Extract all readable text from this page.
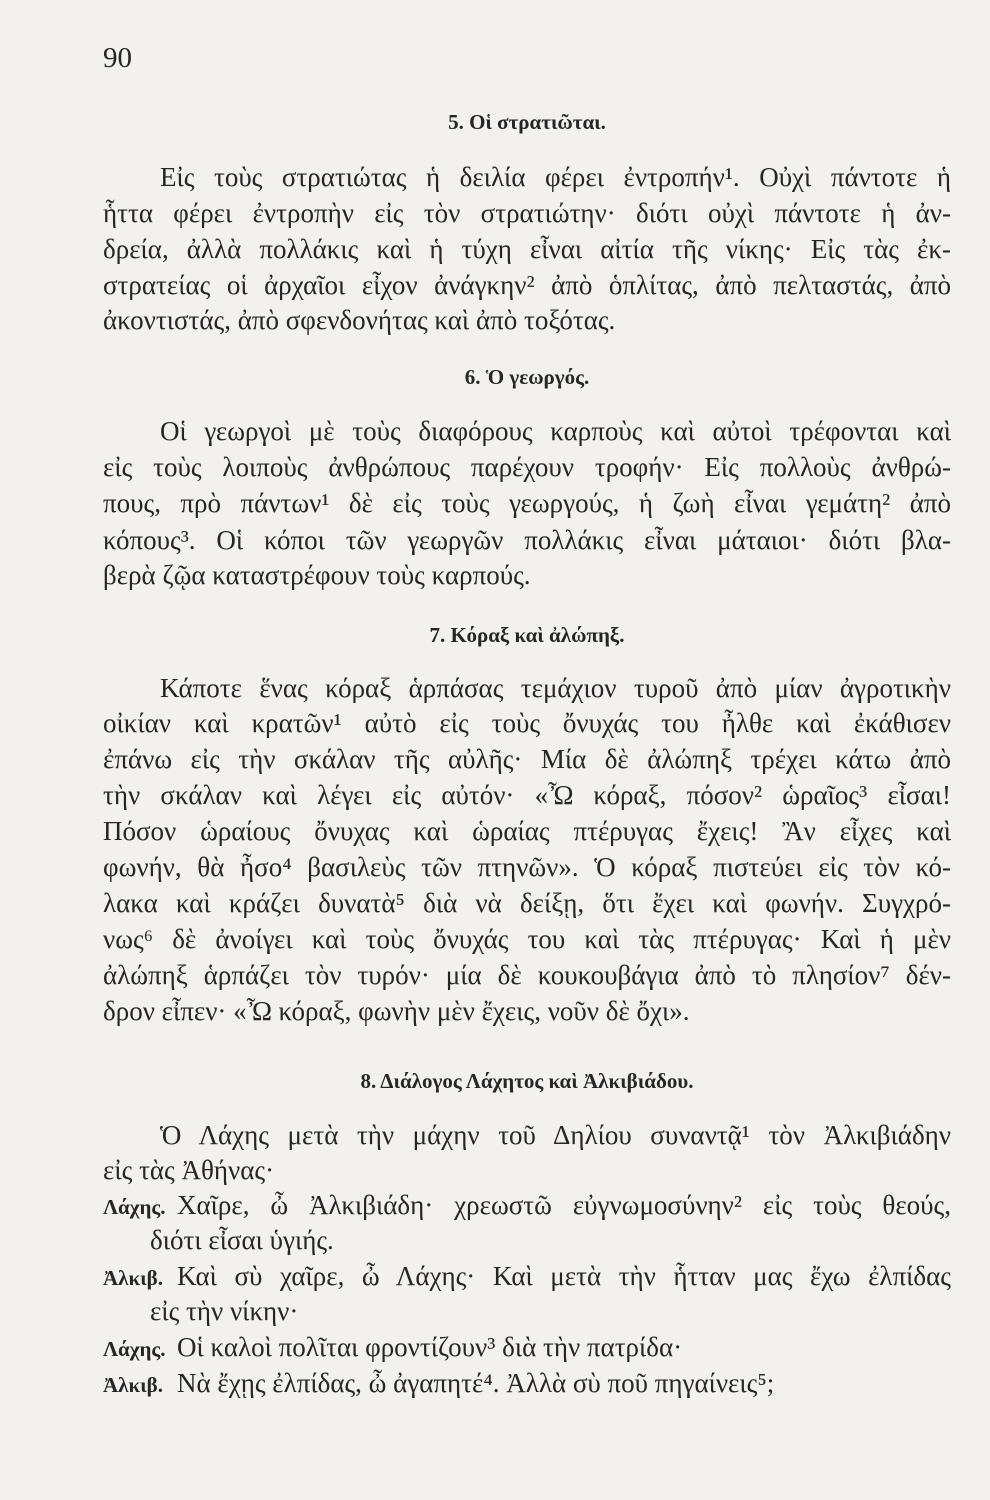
90
5. Οἱ στρατιῶται.
Εἰς τοὺς στρατιώτας ἡ δειλία φέρει ἐντροπήν¹. Οὐχὶ πάντοτε ἡ
ἧττα φέρει ἐντροπὴν εἰς τὸν στρατιώτην· διότι οὐχὶ πάντοτε ἡ ἀν-
δρεία, ἀλλὰ πολλάκις καὶ ἡ τύχη εἶναι αἰτία τῆς νίκης· Εἰς τὰς ἐκ-
στρατείας οἱ ἀρχαῖοι εἶχον ἀνάγκην² ἀπὸ ὁπλίτας, ἀπὸ πελταστάς, ἀπὸ
ἀκοντιστάς, ἀπὸ σφενδονήτας καὶ ἀπὸ τοξότας.
6. Ὁ γεωργός.
Οἱ γεωργοὶ μὲ τοὺς διαφόρους καρποὺς καὶ αὐτοὶ τρέφονται καὶ
εἰς τοὺς λοιποὺς ἀνθρώπους παρέχουν τροφήν· Εἰς πολλοὺς ἀνθρώ-
πους, πρὸ πάντων¹ δὲ εἰς τοὺς γεωργούς, ἡ ζωὴ εἶναι γεμάτη² ἀπὸ
κόπους³. Οἱ κόποι τῶν γεωργῶν πολλάκις εἶναι μάταιοι· διότι βλα-
βερὰ ζῷα καταστρέφουν τοὺς καρπούς.
7. Κόραξ καὶ ἀλώπηξ.
Κάποτε ἕνας κόραξ ἁρπάσας τεμάχιον τυροῦ ἀπὸ μίαν ἀγροτικὴν
οἰκίαν καὶ κρατῶν¹ αὐτὸ εἰς τοὺς ὄνυχάς του ἦλθε καὶ ἐκάθισεν
ἐπάνω εἰς τὴν σκάλαν τῆς αὐλῆς· Μία δὲ ἀλώπηξ τρέχει κάτω ἀπὸ
τὴν σκάλαν καὶ λέγει εἰς αὐτόν· «Ὦ κόραξ, πόσον² ὡραῖος³ εἶσαι!
Πόσον ὡραίους ὄνυχας καὶ ὡραίας πτέρυγας ἔχεις! Ἂν εἶχες καὶ
φωνήν, θὰ ἦσο⁴ βασιλεὺς τῶν πτηνῶν». Ὁ κόραξ πιστεύει εἰς τὸν κό-
λακα καὶ κράζει δυνατὰ⁵ διὰ νὰ δείξῃ, ὅτι ἔχει καὶ φωνήν. Συγχρό-
νως⁶ δὲ ἀνοίγει καὶ τοὺς ὄνυχάς του καὶ τὰς πτέρυγας· Καὶ ἡ μὲν
ἀλώπηξ ἁρπάζει τὸν τυρόν· μία δὲ κουκουβάγια ἀπὸ τὸ πλησίον⁷ δέν-
δρον εἶπεν· «Ὦ κόραξ, φωνὴν μὲν ἔχεις, νοῦν δὲ ὄχι».
8. Διάλογος Λάχητος καὶ Ἀλκιβιάδου.
Ὁ Λάχης μετὰ τὴν μάχην τοῦ Δηλίου συναντᾷ¹ τὸν Ἀλκιβιάδην
εἰς τὰς Ἀθήνας·
Λάχης. Χαῖρε, ὦ Ἀλκιβιάδη· χρεωστῶ εὐγνωμοσύνην² εἰς τοὺς θεούς,
διότι εἶσαι ὑγιής.
Ἀλκιβ. Καὶ σὺ χαῖρε, ὦ Λάχης· Καὶ μετὰ τὴν ἧτταν μας ἔχω ἐλπίδας
εἰς τὴν νίκην·
Λάχης. Οἱ καλοὶ πολῖται φροντίζουν³ διὰ τὴν πατρίδα·
Ἀλκιβ. Νὰ ἔχῃς ἐλπίδας, ὦ ἀγαπητέ⁴. Ἀλλὰ σὺ ποῦ πηγαίνεις⁵;
